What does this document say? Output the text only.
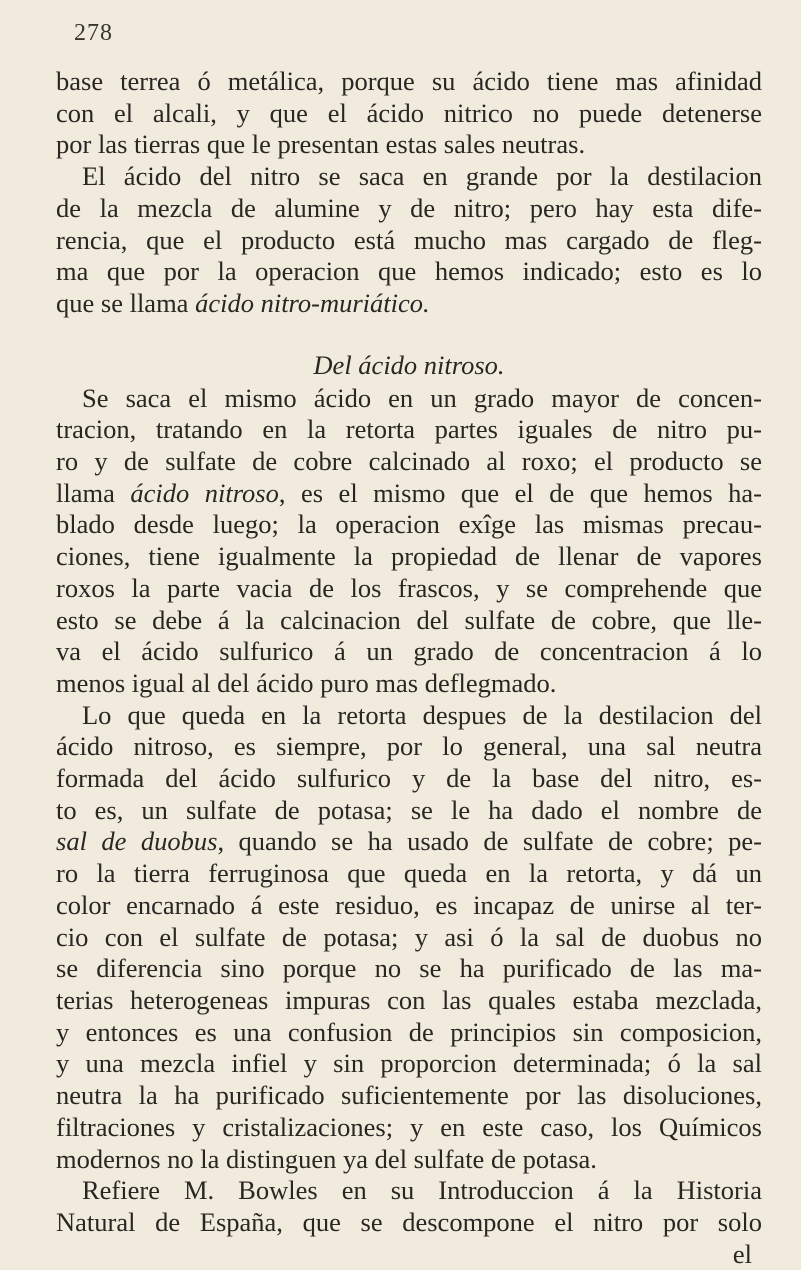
278
base terrea ó metálica, porque su ácido tiene mas afinidad
con el alcali, y que el ácido nitrico no puede detenerse
por las tierras que le presentan estas sales neutras.
El ácido del nitro se saca en grande por la destilacion
de la mezcla de alumine y de nitro; pero hay esta dife-
rencia, que el producto está mucho mas cargado de fleg-
ma que por la operacion que hemos indicado; esto es lo
que se llama ácido nitro-muriático.
Del ácido nitroso.
Se saca el mismo ácido en un grado mayor de concen-
tracion, tratando en la retorta partes iguales de nitro pu-
ro y de sulfate de cobre calcinado al roxo; el producto se
llama ácido nitroso, es el mismo que el de que hemos ha-
blado desde luego; la operacion exîge las mismas precau-
ciones, tiene igualmente la propiedad de llenar de vapores
roxos la parte vacia de los frascos, y se comprehende que
esto se debe á la calcinacion del sulfate de cobre, que lle-
va el ácido sulfurico á un grado de concentracion á lo
menos igual al del ácido puro mas deflegmado.
Lo que queda en la retorta despues de la destilacion del
ácido nitroso, es siempre, por lo general, una sal neutra
formada del ácido sulfurico y de la base del nitro, es-
to es, un sulfate de potasa; se le ha dado el nombre de
sal de duobus, quando se ha usado de sulfate de cobre; pe-
ro la tierra ferruginosa que queda en la retorta, y dá un
color encarnado á este residuo, es incapaz de unirse al ter-
cio con el sulfate de potasa; y asi ó la sal de duobus no
se diferencia sino porque no se ha purificado de las ma-
terias heterogeneas impuras con las quales estaba mezclada,
y entonces es una confusion de principios sin composicion,
y una mezcla infiel y sin proporcion determinada; ó la sal
neutra la ha purificado suficientemente por las disoluciones,
filtraciones y cristalizaciones; y en este caso, los Químicos
modernos no la distinguen ya del sulfate de potasa.
Refiere M. Bowles en su Introduccion á la Historia
Natural de España, que se descompone el nitro por solo
el
